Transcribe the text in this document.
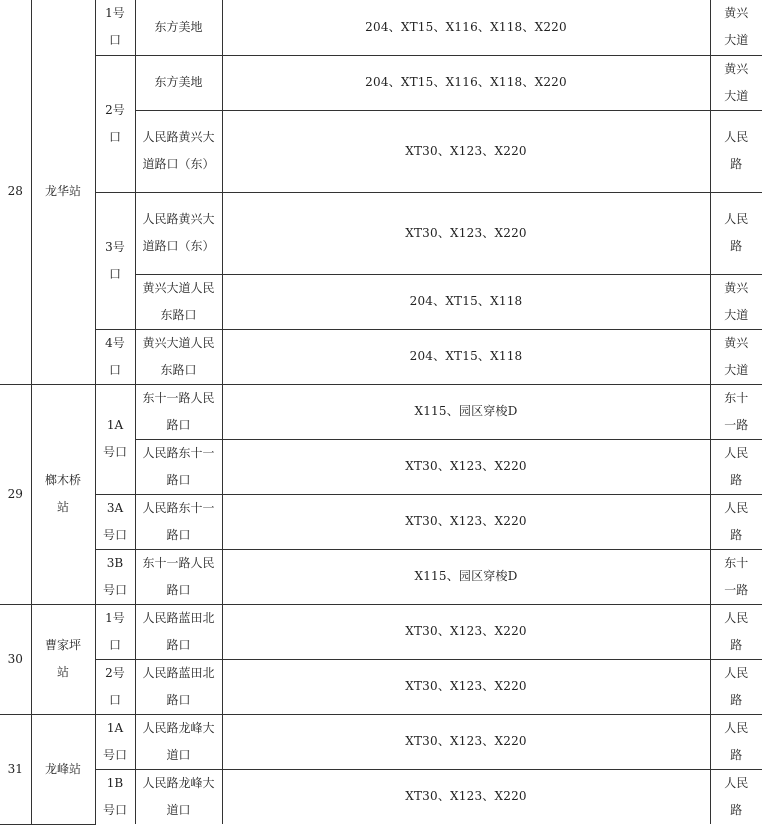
28	龙华站	1号口	东方美地	204、XT15、X116、X118、X220	黄兴大道
		2号口	东方美地	204、XT15、X116、X118、X220	黄兴大道
			人民路黄兴大道路口（东）	XT30、X123、X220	人民路
		3号口	人民路黄兴大道路口（东）	XT30、X123、X220	人民路
			黄兴大道人民东路口	204、XT15、X118	黄兴大道
		4号口	黄兴大道人民东路口	204、XT15、X118	黄兴大道
29	榔木桥站	1A号口	东十一路人民路口	X115、园区穿梭D	东十一路
			人民路东十一路口	XT30、X123、X220	人民路
		3A号口	人民路东十一路口	XT30、X123、X220	人民路
		3B号口	东十一路人民路口	X115、园区穿梭D	东十一路
30	曹家坪站	1号口	人民路蓝田北路口	XT30、X123、X220	人民路
		2号口	人民路蓝田北路口	XT30、X123、X220	人民路
31	龙峰站	1A号口	人民路龙峰大道口	XT30、X123、X220	人民路
		1B号口	人民路龙峰大道口	XT30、X123、X220	人民路
